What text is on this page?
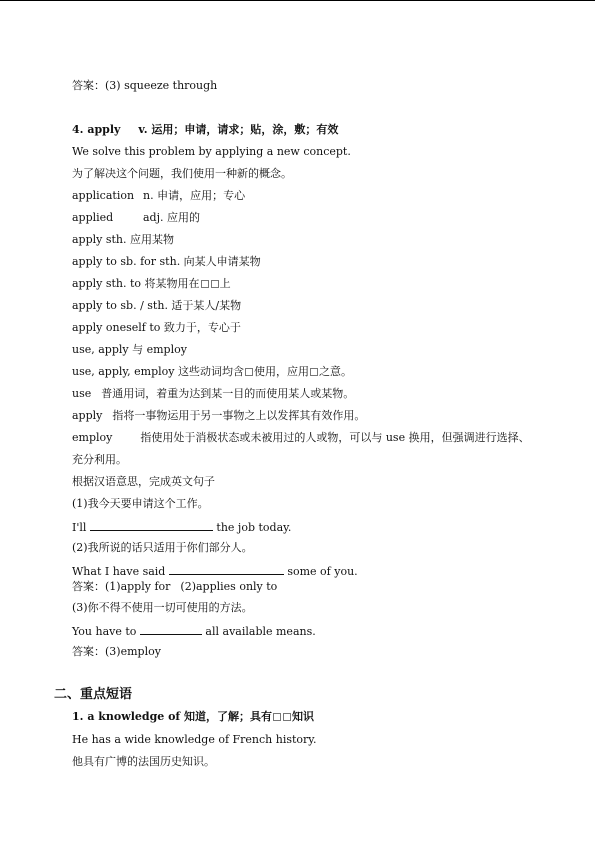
答案：(3) squeeze through
4. apply v. 运用；申请，请求；贴，涂，敷；有效
We solve this problem by applying a new concept.
为了解决这个问题，我们使用一种新的概念。
application n. 申请，应用；专心
applied	adj. 应用的
apply sth. 应用某物
apply to sb. for sth. 向某人申请某物
apply sth. to 将某物用在 上
apply to sb. / sth. 适于某人/某物
apply oneself to 致力于，专心于
use, apply 与 employ
use, apply, employ 这些动词均含 使用，应用 之意。
use 普通用词，着重为达到某一目的而使用某人或某物。
apply 指将一事物运用于另一事物之上以发挥其有效作用。
employ	指使用处于消极状态或未被用过的人或物，可以与 use 换用，但强调进行选择、
充分利用。
根据汉语意思，完成英文句子
(1)我今天要申请这个工作。
I'll	the job today.
(2)我所说的话只适用于你们部分人。
What I have said	some of you.
答案：(1)apply for (2)applies only to
(3)你不得不使用一切可使用的方法。
You have to	all available means.
答案：(3)employ
二、重点短语
1. a knowledge of 知道，了解；具有 知识
He has a wide knowledge of French history.
他具有广博的法国历史知识。
